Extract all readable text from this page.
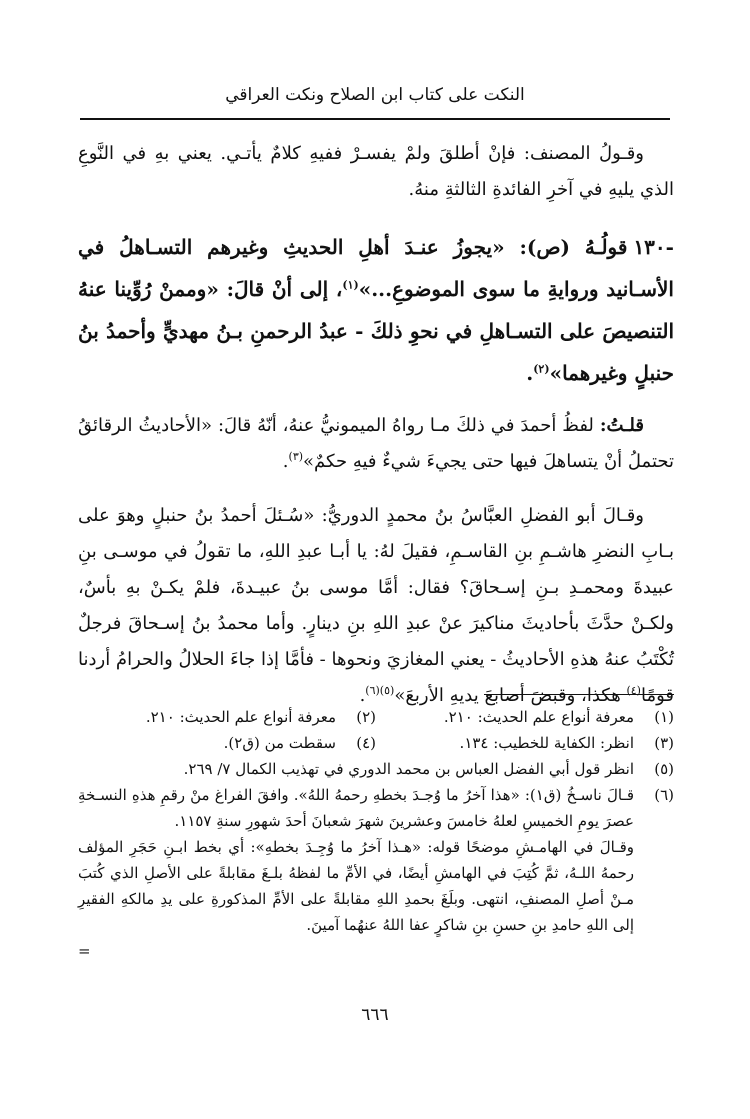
النكت على كتاب ابن الصلاح ونكت العراقي

وقـولُ المصنف: فإنْ أطلقَ ولمْ يفسـرْ ففيهِ كلامٌ يأتـي. يعني بهِ في النَّوعِ الذي يليهِ في آخرِ الفائدةِ الثالثةِ منهُ.

-١٣٠قولُـهُ (ص): «يجوزُ عنـدَ أهلِ الحديثِ وغيرهم التسـاهلُ في الأسـانيد وروايةِ ما سوى الموضوعِ...»$^{(١)}$، إلى أنْ قالَ: «وممنْ رُوِّينا عنهُ التنصيصَ على التسـاهلِ في نحوِ ذلكَ - عبدُ الرحمنِ بـنُ مهديٍّ وأحمدُ بنُ حنبلٍ وغيرهما»$^{(٢)}$.

قلـتُ: لفظُ أحمدَ في ذلكَ مـا رواهُ الميمونيُّ عنهُ، أنّهُ قالَ: «الأحاديثُ الرقائقُ تحتملُ أنْ يتساهلَ فيها حتى يجيءَ شيءٌ فيهِ حكمٌ»$^{(٣)}$.

وقـالَ أبو الفضلِ العبَّاسُ بنُ محمدٍ الدوريُّ: «سُـئلَ أحمدُ بنُ حنبلٍ وهوَ على بـابِ النضرِ هاشـمِ بنِ القاسـمِ، فقيلَ لهُ: يا أبـا عبدِ اللهِ، ما تقولُ في موسـى بنِ عبيدةَ ومحمـدِ بـنِ إسـحاقَ؟ فقال: أمَّا موسى بنُ عبيـدةَ، فلمْ يكـنْ بهِ بأسٌ، ولكـنْ حدَّثَ بأحاديثَ مناكيرَ عنْ عبدِ اللهِ بنِ دينارٍ. وأما محمدُ بنُ إسـحاقَ فرجلٌ تُكْتَبُ عنهُ هذهِ الأحاديثُ - يعني المغازيَ ونحوها - فأمَّا إذا جاءَ الحلالُ والحرامُ أردنا قومًا$^{(٤)}$ هكذا، وقبضَ أصابعَ يديهِ الأربعَ»$^{(٥)(٦)}$.

(١)
معرفة أنواع علم الحديث: ٢١٠.
(٢)
معرفة أنواع علم الحديث: ٢١٠.
(٣)
انظر: الكفاية للخطيب: ١٣٤.
(٤)
سقطت من (ق٢).
(٥)
انظر قول أبي الفضل العباس بن محمد الدوري في تهذيب الكمال ٧/ ٢٦٩.
(٦)
قـالَ ناسـخُ (ق١): «هذا آخرُ ما وُجـدَ بخطهِ رحمهُ اللهُ». وافقَ الفراغ منْ رقمِ هذهِ النسـخةِ عصرَ يومِ الخميسِ لعلهُ خامسَ وعشرينَ شهرَ شعبانَ أحدَ شهورِ سنةِ ١١٥٧.
وقـالَ في الهامـشِ موضحًا قوله: «هـذا آخرُ ما وُجِـدَ بخطهِ»: أي بخط ابـنِ حَجَرِ المؤلف رحمهُ اللـهُ، ثمَّ كُتِبَ في الهامشِ أيضًا، في الأمِّ ما لفظهُ بلـغَ مقابلةً على الأصلِ الذي كُتبَ مـنْ أصلِ المصنفِ، انتهى. وبلَغَ بحمدِ اللهِ مقابلةً على الأمِّ المذكورةِ على يدِ مالكهِ الفقيرِ إلى اللهِ حامدِ بنِ حسنِ بنِ شاكرٍ عفا اللهُ عنهُما آمينَ.
=
٦٦٦
